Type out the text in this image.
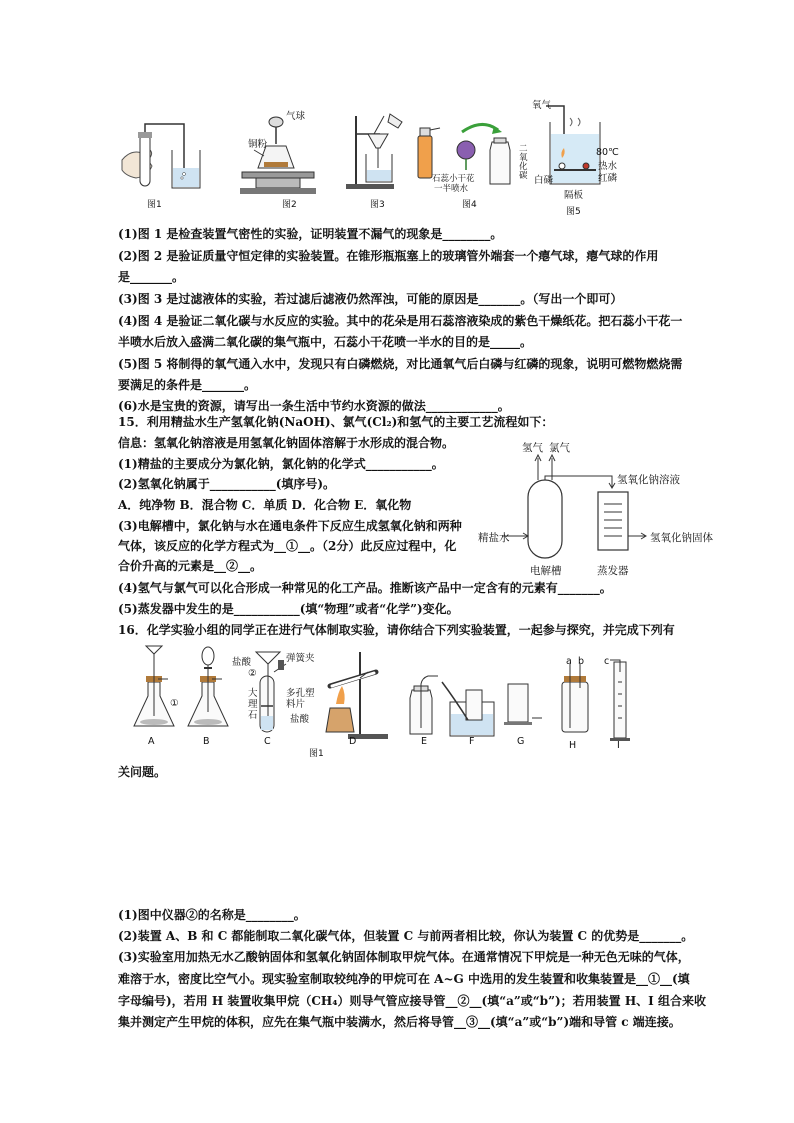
图1
气球
铜粉
图2	图3
石蕊小干花
一半喷水
二氧化碳
图4
氧气
80℃
热水
红磷
白磷
隔板
图5
(1)图 1 是检查装置气密性的实验，证明装置不漏气的现象是________。
(2)图 2 是验证质量守恒定律的实验装置。在锥形瓶瓶塞上的玻璃管外端套一个瘪气球，瘪气球的作用
是_______。
(3)图 3 是过滤液体的实验，若过滤后滤液仍然浑浊，可能的原因是_______。（写出一个即可）
(4)图 4 是验证二氧化碳与水反应的实验。其中的花朵是用石蕊溶液染成的紫色干燥纸花。把石蕊小干花一
半喷水后放入盛满二氧化碳的集气瓶中，石蕊小干花喷一半水的目的是_____。
(5)图 5 将制得的氧气通入水中，发现只有白磷燃烧，对比通氧气后白磷与红磷的现象，说明可燃物燃烧需
要满足的条件是_______。
(6)水是宝贵的资源，请写出一条生活中节约水资源的做法____________。
15．利用精盐水生产氢氧化钠(NaOH)、氯气(Cl₂)和氢气的主要工艺流程如下：
信息：氢氧化钠溶液是用氢氧化钠固体溶解于水形成的混合物。
(1)精盐的主要成分为氯化钠，氯化钠的化学式___________。
(2)氢氧化钠属于___________(填序号)。
A．纯净物 B．混合物 C．单质 D．化合物 E．氧化物
(3)电解槽中，氯化钠与水在通电条件下反应生成氢氧化钠和两种
气体，该反应的化学方程式为__①__。（2分）此反应过程中，化
合价升高的元素是__②__。
(4)氢气与氯气可以化合形成一种常见的化工产品。推断该产品中一定含有的元素有_______。
(5)蒸发器中发生的是___________(填“物理”或者“化学”)变化。
氢气 氯气
氢氧化钠溶液
精盐水
电解槽	蒸发器
氢氧化钠固体
16．化学实验小组的同学正在进行气体制取实验，请你结合下列实验装置，一起参与探究，并完成下列有
A	B	C	D	E	F	G	H	I
①
盐酸
②
弹簧夹
大理石
多孔塑料片
盐酸
a b c
图1
关问题。
(1)图中仪器②的名称是________。
(2)装置 A、B 和 C 都能制取二氧化碳气体，但装置 C 与前两者相比较，你认为装置 C 的优势是_______。
(3)实验室用加热无水乙酸钠固体和氢氧化钠固体制取甲烷气体。在通常情况下甲烷是一种无色无味的气体，
难溶于水，密度比空气小。现实验室制取较纯净的甲烷可在 A~G 中选用的发生装置和收集装置是__①__(填
字母编号)，若用 H 装置收集甲烷（CH₄）则导气管应接导管__②__(填“a”或“b”)；若用装置 H、I 组合来收
集并测定产生甲烷的体积，应先在集气瓶中装满水，然后将导管__③__(填“a”或“b”)端和导管 c 端连接。
